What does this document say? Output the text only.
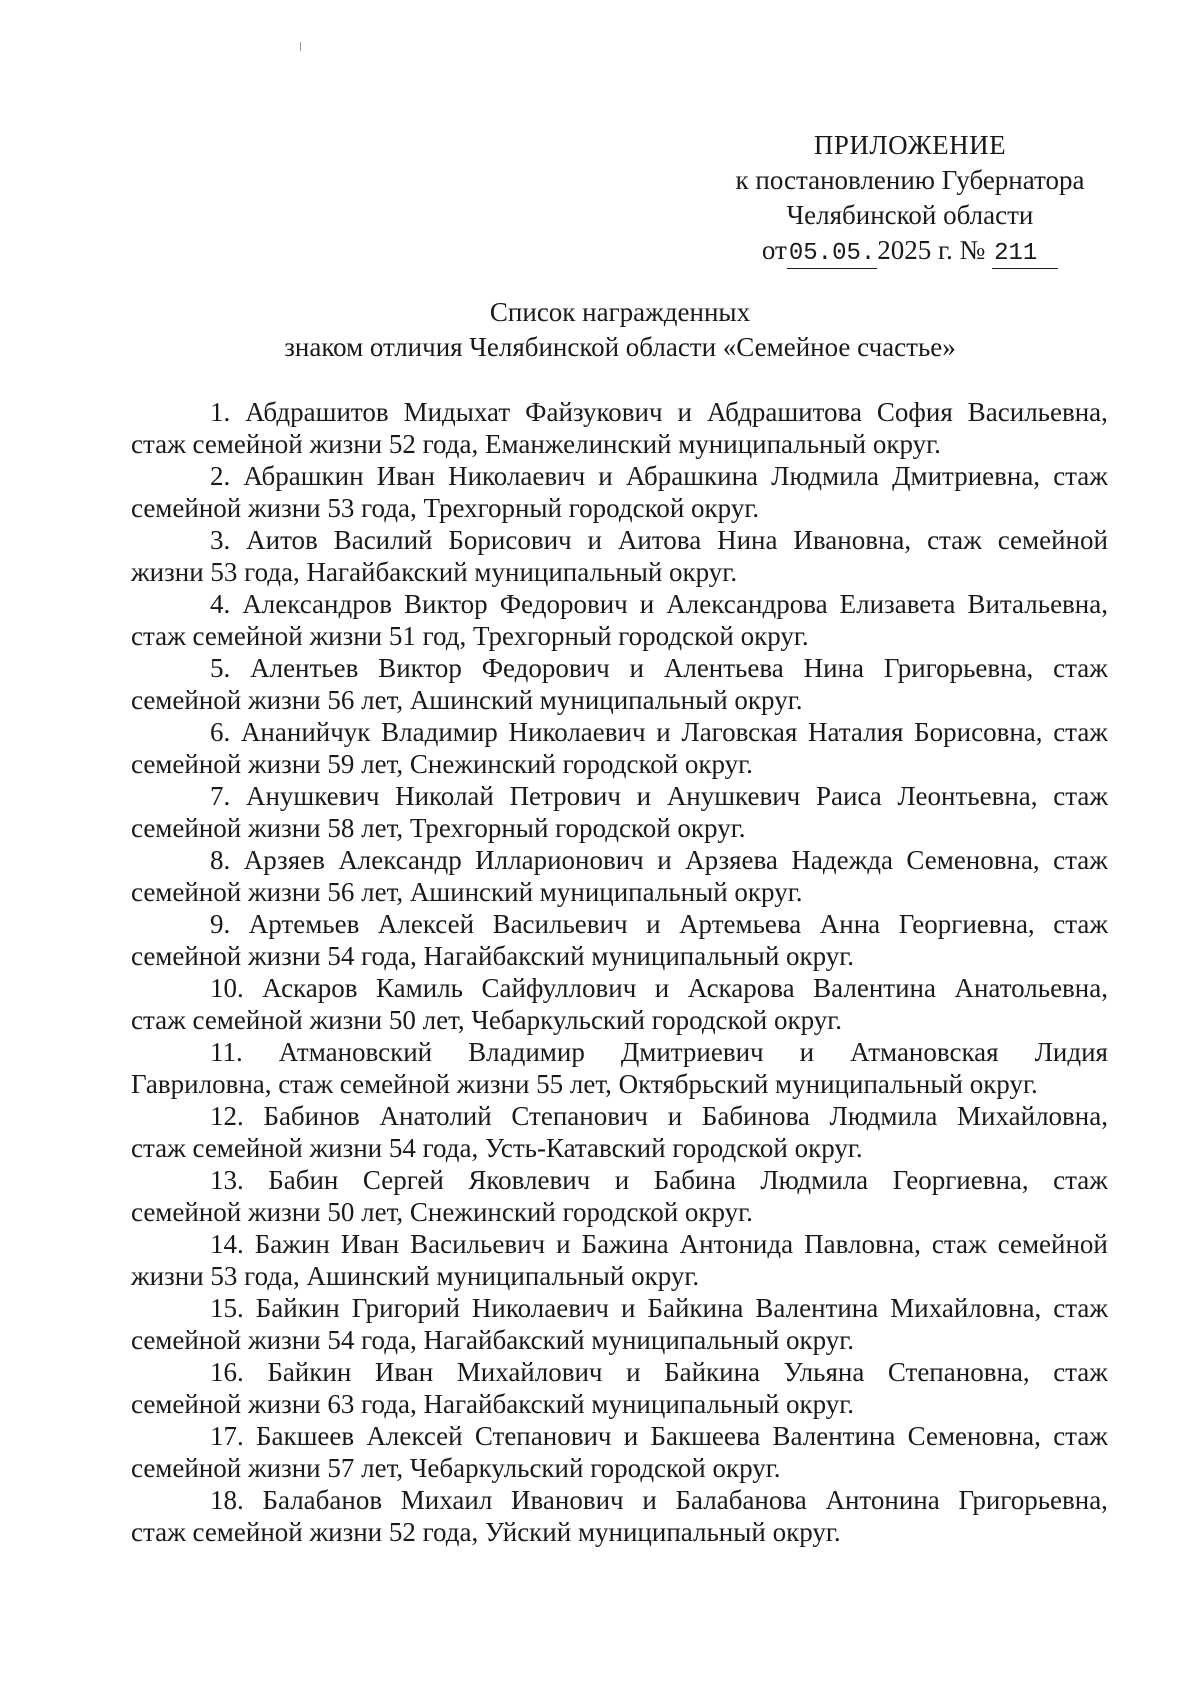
ПРИЛОЖЕНИЕ
к постановлению Губернатора
Челябинской области
от05.05.2025 г. № 211
Список награжденных
знаком отличия Челябинской области «Семейное счастье»
1. Абдрашитов Мидыхат Файзукович и Абдрашитова София Васильевна,
стаж семейной жизни 52 года, Еманжелинский муниципальный округ.
2. Абрашкин Иван Николаевич и Абрашкина Людмила Дмитриевна, стаж
семейной жизни 53 года, Трехгорный городской округ.
3. Аитов Василий Борисович и Аитова Нина Ивановна, стаж семейной
жизни 53 года, Нагайбакский муниципальный округ.
4. Александров Виктор Федорович и Александрова Елизавета Витальевна,
стаж семейной жизни 51 год, Трехгорный городской округ.
5. Алентьев Виктор Федорович и Алентьева Нина Григорьевна, стаж
семейной жизни 56 лет, Ашинский муниципальный округ.
6. Ананийчук Владимир Николаевич и Лаговская Наталия Борисовна, стаж
семейной жизни 59 лет, Снежинский городской округ.
7. Анушкевич Николай Петрович и Анушкевич Раиса Леонтьевна, стаж
семейной жизни 58 лет, Трехгорный городской округ.
8. Арзяев Александр Илларионович и Арзяева Надежда Семеновна, стаж
семейной жизни 56 лет, Ашинский муниципальный округ.
9. Артемьев Алексей Васильевич и Артемьева Анна Георгиевна, стаж
семейной жизни 54 года, Нагайбакский муниципальный округ.
10. Аскаров Камиль Сайфуллович и Аскарова Валентина Анатольевна,
стаж семейной жизни 50 лет, Чебаркульский городской округ.
11. Атмановский Владимир Дмитриевич и Атмановская Лидия
Гавриловна, стаж семейной жизни 55 лет, Октябрьский муниципальный округ.
12. Бабинов Анатолий Степанович и Бабинова Людмила Михайловна,
стаж семейной жизни 54 года, Усть-Катавский городской округ.
13. Бабин Сергей Яковлевич и Бабина Людмила Георгиевна, стаж
семейной жизни 50 лет, Снежинский городской округ.
14. Бажин Иван Васильевич и Бажина Антонида Павловна, стаж семейной
жизни 53 года, Ашинский муниципальный округ.
15. Байкин Григорий Николаевич и Байкина Валентина Михайловна, стаж
семейной жизни 54 года, Нагайбакский муниципальный округ.
16. Байкин Иван Михайлович и Байкина Ульяна Степановна, стаж
семейной жизни 63 года, Нагайбакский муниципальный округ.
17. Бакшеев Алексей Степанович и Бакшеева Валентина Семеновна, стаж
семейной жизни 57 лет, Чебаркульский городской округ.
18. Балабанов Михаил Иванович и Балабанова Антонина Григорьевна,
стаж семейной жизни 52 года, Уйский муниципальный округ.
